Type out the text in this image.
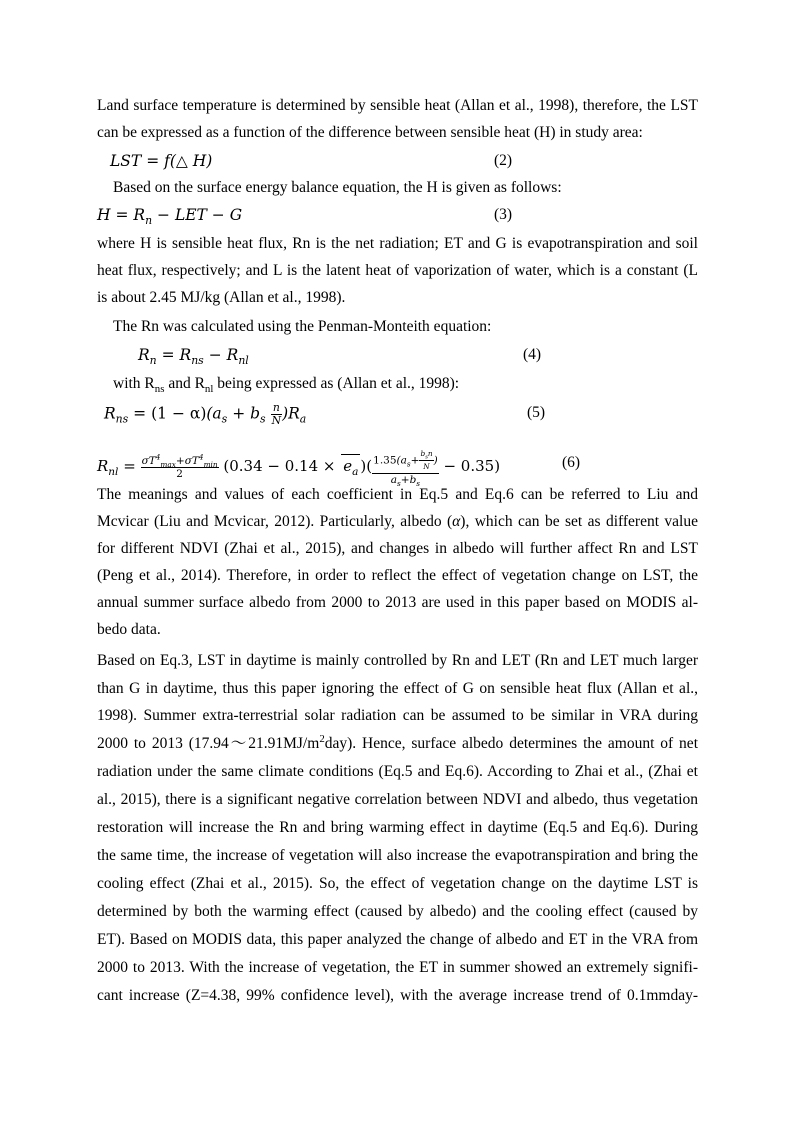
Land surface temperature is determined by sensible heat (Allan et al., 1998), therefore, the LST
can be expressed as a function of the difference between sensible heat (H) in study area:
LST = f(△ H)	(2)
Based on the surface energy balance equation, the H is given as follows:
$H = R_n$ − LET − G	(3)
where H is sensible heat flux, Rn is the net radiation; ET and G is evapotranspiration and soil
heat flux, respectively; and L is the latent heat of vaporization of water, which is a constant (L
is about 2.45 MJ/kg (Allan et al., 1998).
The Rn was calculated using the Penman-Monteith equation:
$R_n = R_{ns} - R_{nl}$	(4)
with $R_{ns}$ and $R_{nl}$ being expressed as (Allan et al., 1998):
$R_{ns} = (1 - \alpha)(a_s + b_s \frac{n}{N} )R_a$	(5)
$R_{nl} = \frac{\sigma T^4_{max}+\sigma T^4_{min}}{2} (0.34 - 0.14 \times e_a$ )( $\frac{1.35(a_s+ \frac{b_sn}{N} )}{a_s+b_s} - 0.35$)	(6)
The meanings and values of each coefficient in Eq.5 and Eq.6 can be referred to Liu and
Mcvicar (Liu and Mcvicar, 2012). Particularly, albedo (α), which can be set as different value
for different NDVI (Zhai et al., 2015), and changes in albedo will further affect Rn and LST
(Peng et al., 2014). Therefore, in order to reflect the effect of vegetation change on LST, the
annual summer surface albedo from 2000 to 2013 are used in this paper based on MODIS al-
bedo data.
Based on Eq.3, LST in daytime is mainly controlled by Rn and LET (Rn and LET much larger
than G in daytime, thus this paper ignoring the effect of G on sensible heat flux (Allan et al.,
1998). Summer extra-terrestrial solar radiation can be assumed to be similar in VRA during
2000 to 2013 $(17.94\sim 21.91MJ/m^2day)$. Hence, surface albedo determines the amount of net
radiation under the same climate conditions (Eq.5 and Eq.6). According to Zhai et al., (Zhai et
al., 2015), there is a significant negative correlation between NDVI and albedo, thus vegetation
restoration will increase the Rn and bring warming effect in daytime (Eq.5 and Eq.6). During
the same time, the increase of vegetation will also increase the evapotranspiration and bring the
cooling effect (Zhai et al., 2015). So, the effect of vegetation change on the daytime LST is
determined by both the warming effect (caused by albedo) and the cooling effect (caused by
ET). Based on MODIS data, this paper analyzed the change of albedo and ET in the VRA from
2000 to 2013. With the increase of vegetation, the ET in summer showed an extremely signifi-
cant increase (Z=4.38, 99% confidence level), with the average increase trend of 0.1mmday-
